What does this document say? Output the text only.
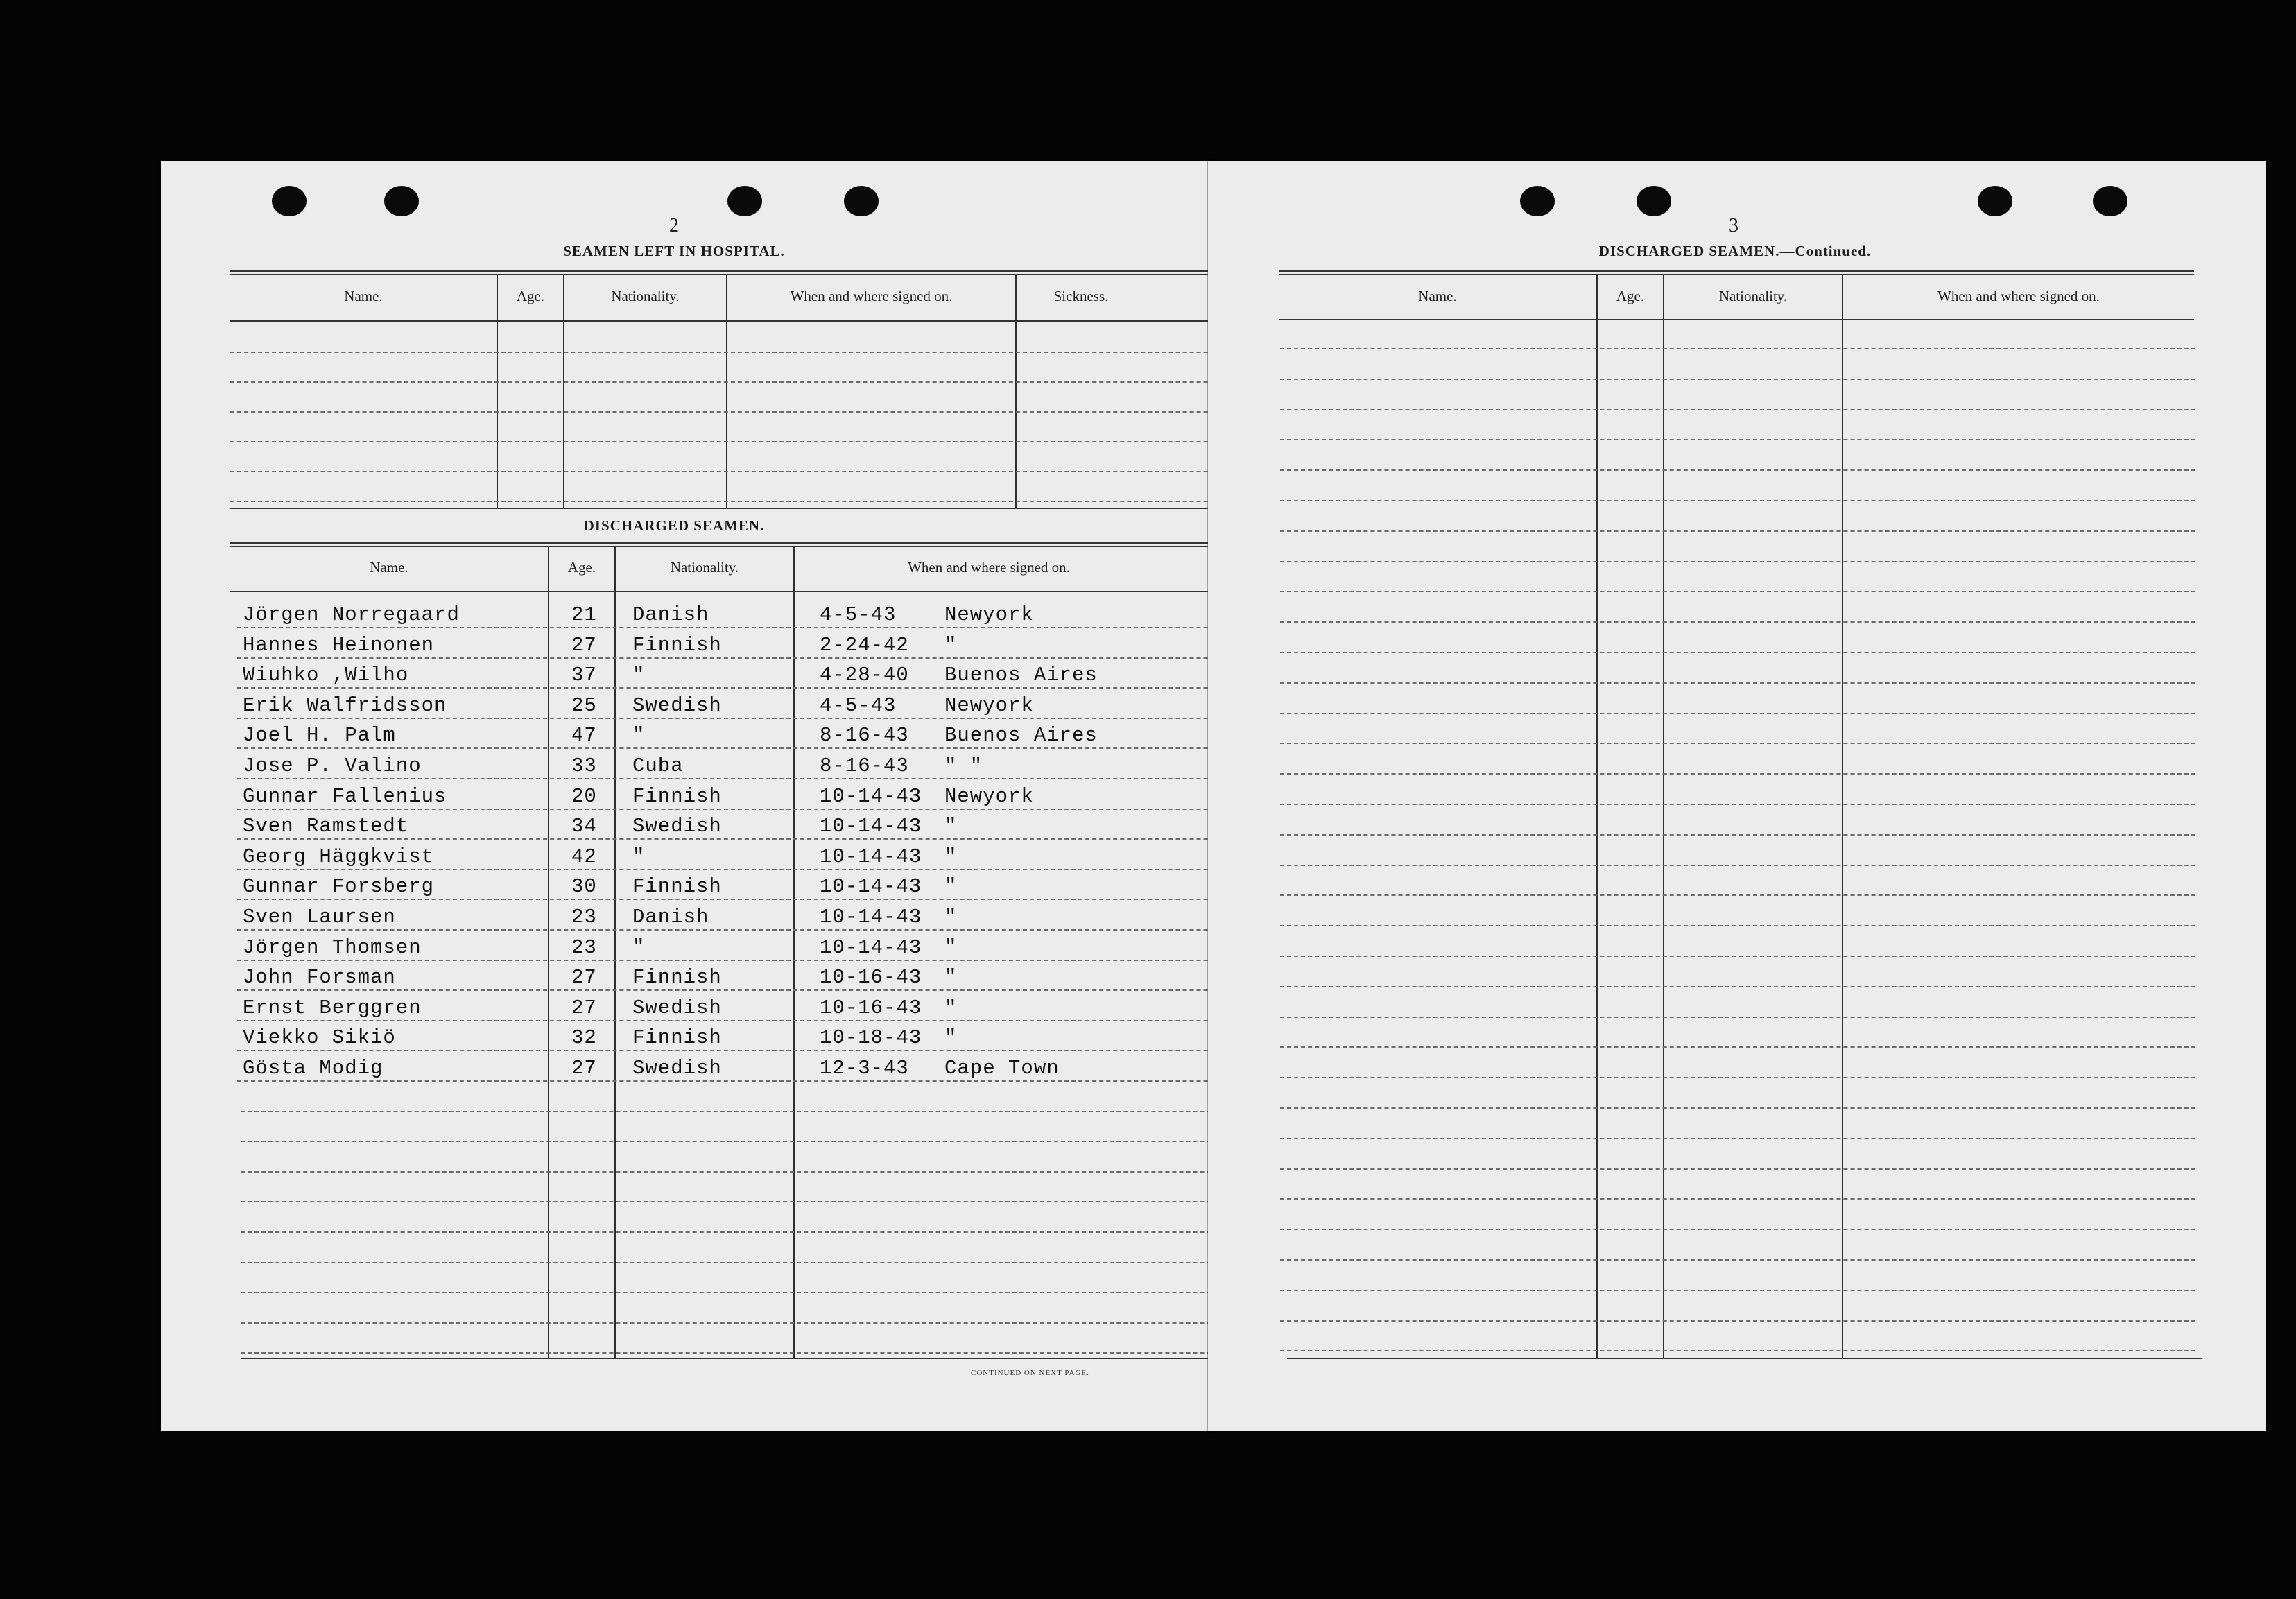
2
SEAMEN LEFT IN HOSPITAL.
Name.	Age.	Nationality.	When and where signed on.	Sickness.
DISCHARGED SEAMEN.
Name.	Age.	Nationality.	When and where signed on.
Jörgen Norregaard	21 Danish	4-5-43 Newyork
Hannes Heinonen	27 Finnish	2-24-42 "
Wiuhko ,Wilho	37 "	4-28-40 Buenos Aires
Erik Walfridsson	25 Swedish	4-5-43 Newyork
Joel H. Palm	47 "	8-16-43 Buenos Aires
Jose P. Valino	33 Cuba	8-16-43 " "
Gunnar Fallenius	20 Finnish	10-14-43 Newyork
Sven Ramstedt	34 Swedish	10-14-43 "
Georg Häggkvist	42 "	10-14-43 "
Gunnar Forsberg	30 Finnish	10-14-43 "
Sven Laursen	23 Danish	10-14-43 "
Jörgen Thomsen	23 "	10-14-43 "
John Forsman	27 Finnish	10-16-43 "
Ernst Berggren	27 Swedish	10-16-43 "
Viekko Sikiö	32 Finnish	10-18-43 "
Gösta Modig	27 Swedish	12-3-43 Cape Town
CONTINUED ON NEXT PAGE.
3
DISCHARGED SEAMEN.—Continued.
Name.	Age.	Nationality.	When and where signed on.
